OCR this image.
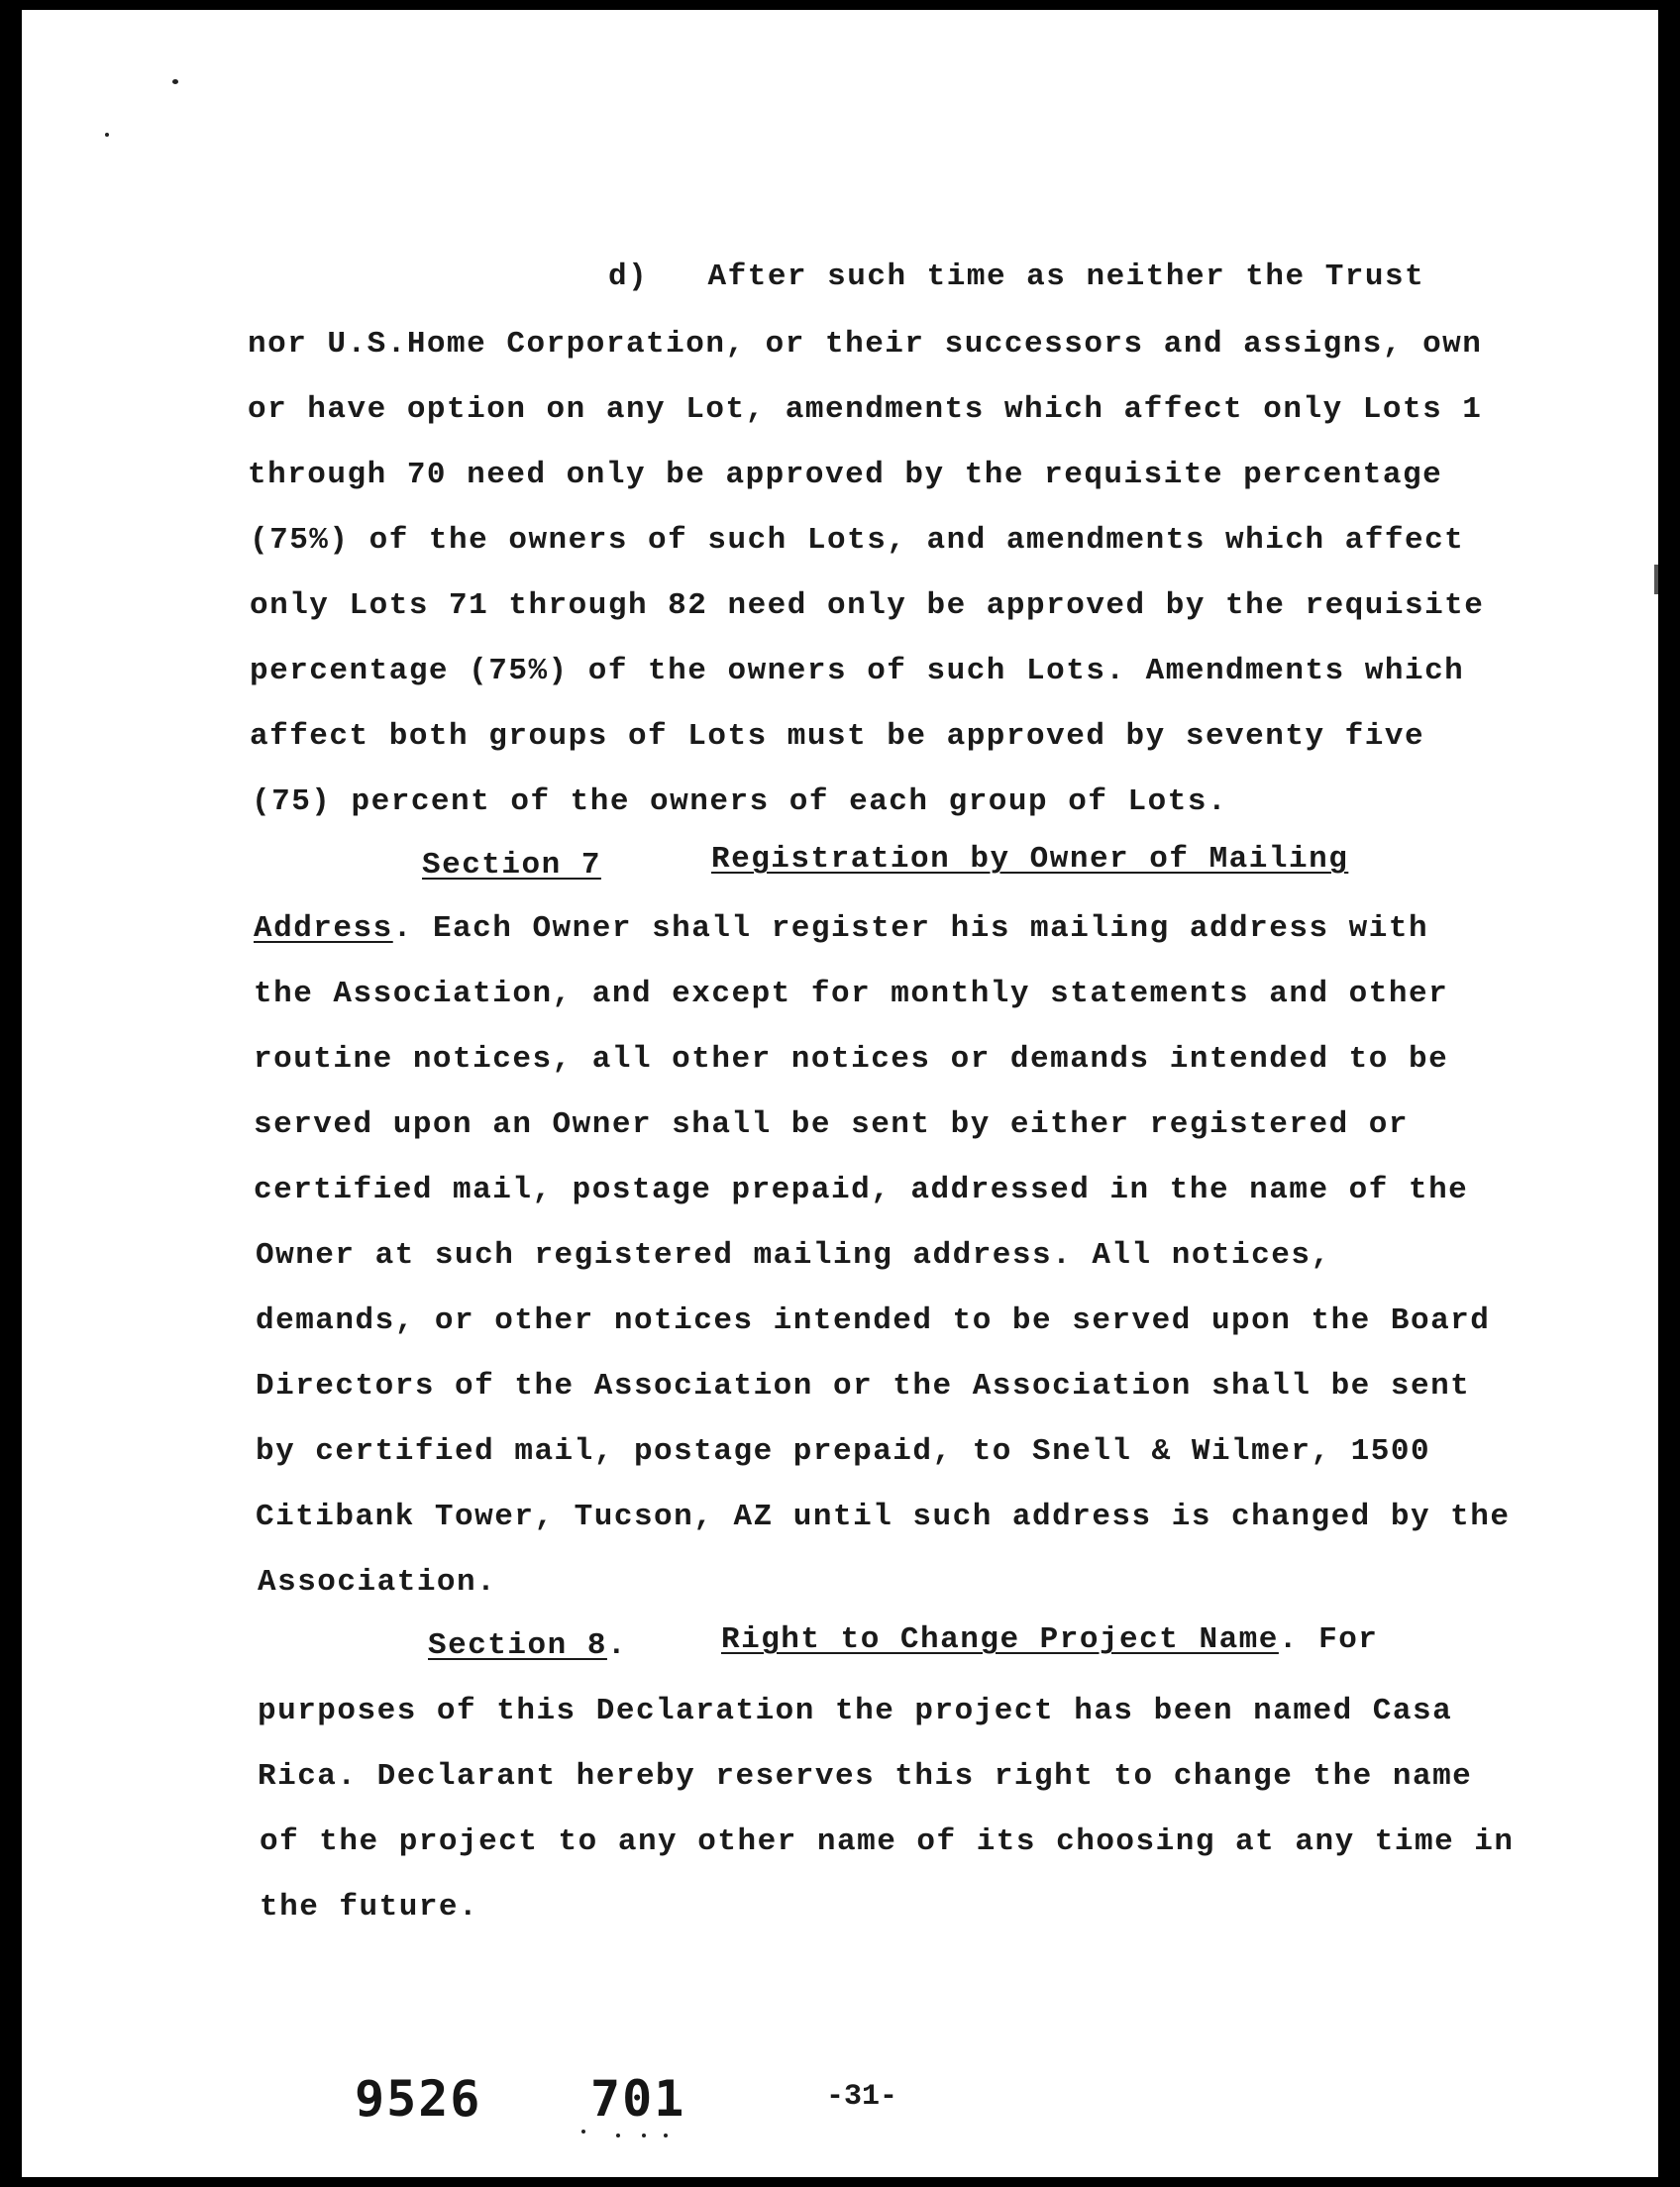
d)   After such time as neither the Trust
nor U.S.Home Corporation, or their successors and assigns, own
or have option on any Lot, amendments which affect only Lots 1
through 70 need only be approved by the requisite percentage
(75%) of the owners of such Lots, and amendments which affect
only Lots 71 through 82 need only be approved by the requisite
percentage (75%) of the owners of such Lots. Amendments which
affect both groups of Lots must be approved by seventy five
(75) percent of the owners of each group of Lots.
Section 7	Registration by Owner of Mailing
Address. Each Owner shall register his mailing address with
the Association, and except for monthly statements and other
routine notices, all other notices or demands intended to be
served upon an Owner shall be sent by either registered or
certified mail, postage prepaid, addressed in the name of the
Owner at such registered mailing address. All notices,
demands, or other notices intended to be served upon the Board
Directors of the Association or the Association shall be sent
by certified mail, postage prepaid, to Snell & Wilmer, 1500
Citibank Tower, Tucson, AZ until such address is changed by the
Association.
Section 8.	Right to Change Project Name. For
purposes of this Declaration the project has been named Casa
Rica. Declarant hereby reserves this right to change the name
of the project to any other name of its choosing at any time in
the future.
9526 701	-31-
